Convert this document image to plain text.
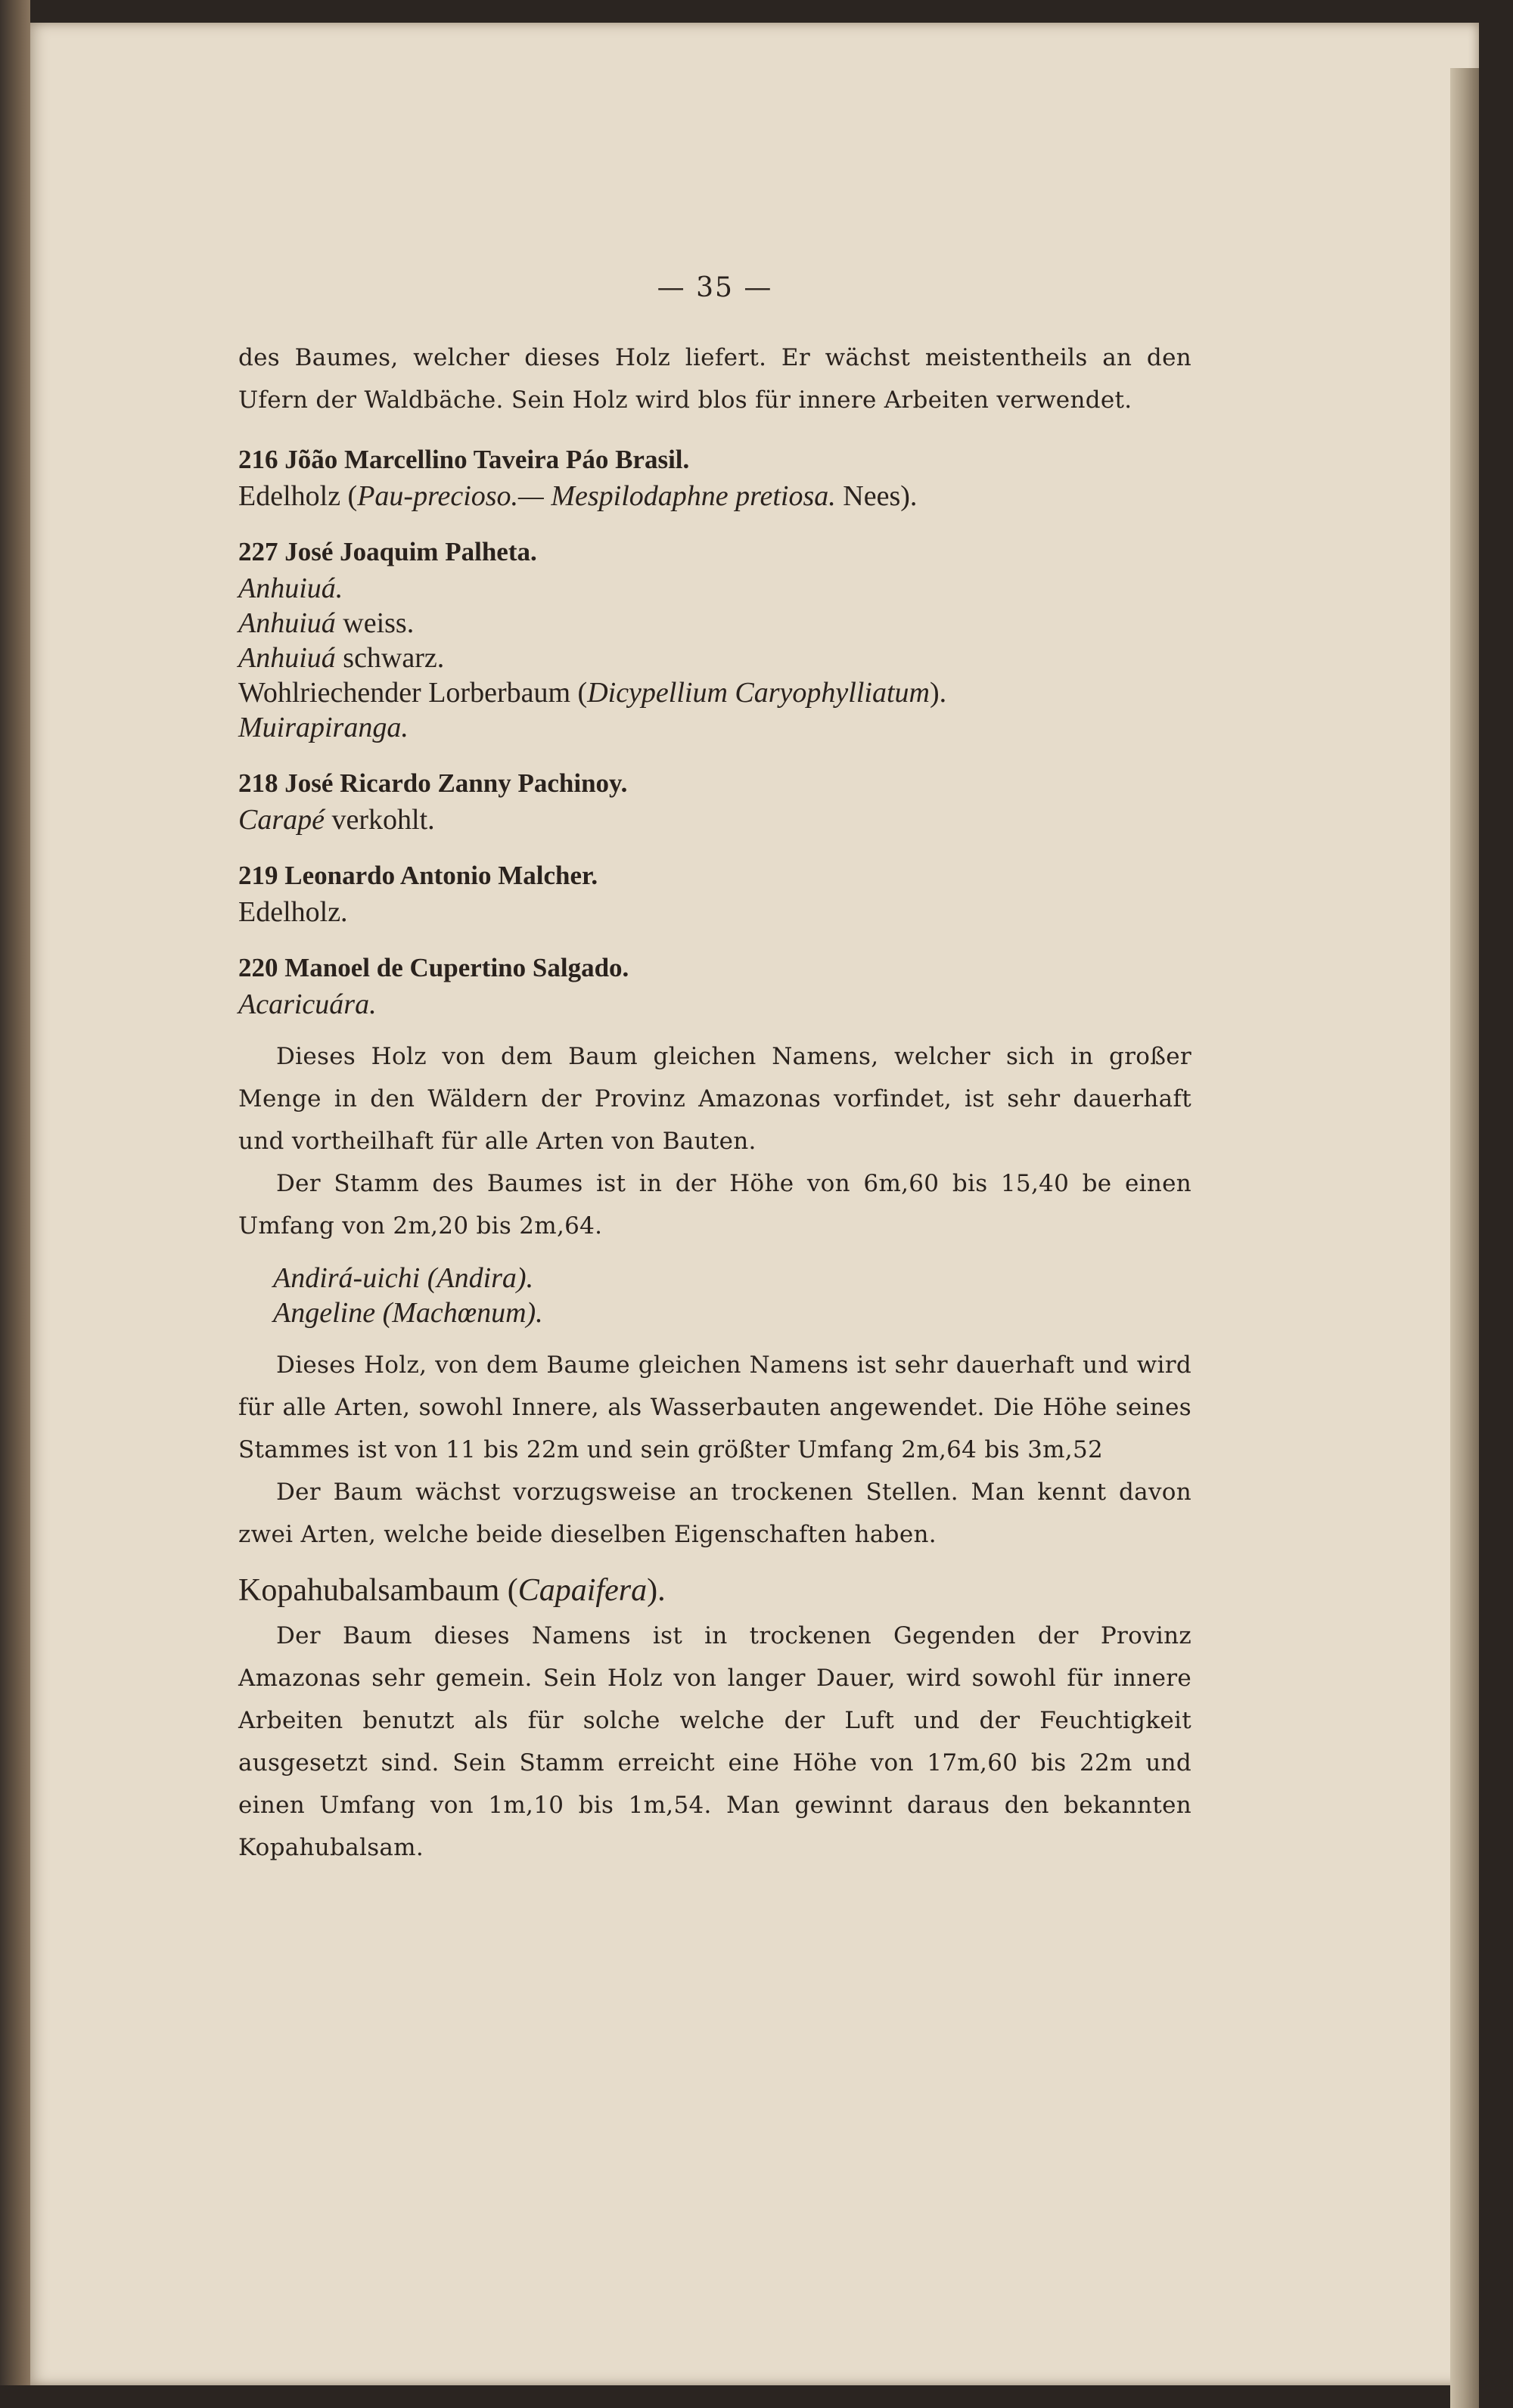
— 35 —

des Baumes, welcher dieses Holz liefert. Er wächst meistentheils an den Ufern der Waldbäche. Sein Holz wird blos für innere Arbeiten verwendet.

216 Jõão Marcellino Taveira Páo Brasil.

Edelholz (Pau-precioso.— Mespilodaphne pretiosa. Nees).

227 José Joaquim Palheta.

Anhuiuá.

Anhuiuá weiss.

Anhuiuá schwarz.

Wohlriechender Lorberbaum (Dicypellium Caryophylliatum).

Muirapiranga.

218 José Ricardo Zanny Pachinoy.

Carapé verkohlt.

219 Leonardo Antonio Malcher.

Edelholz.

220 Manoel de Cupertino Salgado.

Acaricuára.

Dieses Holz von dem Baum gleichen Namens, welcher sich in großer Menge in den Wäldern der Provinz Amazonas vorfindet, ist sehr dauerhaft und vortheilhaft für alle Arten von Bauten.

Der Stamm des Baumes ist in der Höhe von 6m,60 bis 15,40 be einen Umfang von 2m,20 bis 2m,64.

Andirá-uichi (Andira).

Angeline (Machœnum).

Dieses Holz, von dem Baume gleichen Namens ist sehr dauerhaft und wird für alle Arten, sowohl Innere, als Wasserbauten angewendet. Die Höhe seines Stammes ist von 11 bis 22m und sein größter Umfang 2m,64 bis 3m,52

Der Baum wächst vorzugsweise an trockenen Stellen. Man kennt davon zwei Arten, welche beide dieselben Eigenschaften haben.

Kopahubalsambaum (Capaifera).

Der Baum dieses Namens ist in trockenen Gegenden der Provinz Amazonas sehr gemein. Sein Holz von langer Dauer, wird sowohl für innere Arbeiten benutzt als für solche welche der Luft und der Feuchtigkeit ausgesetzt sind. Sein Stamm erreicht eine Höhe von 17m,60 bis 22m und einen Umfang von 1m,10 bis 1m,54. Man gewinnt daraus den bekannten Kopahubalsam.
